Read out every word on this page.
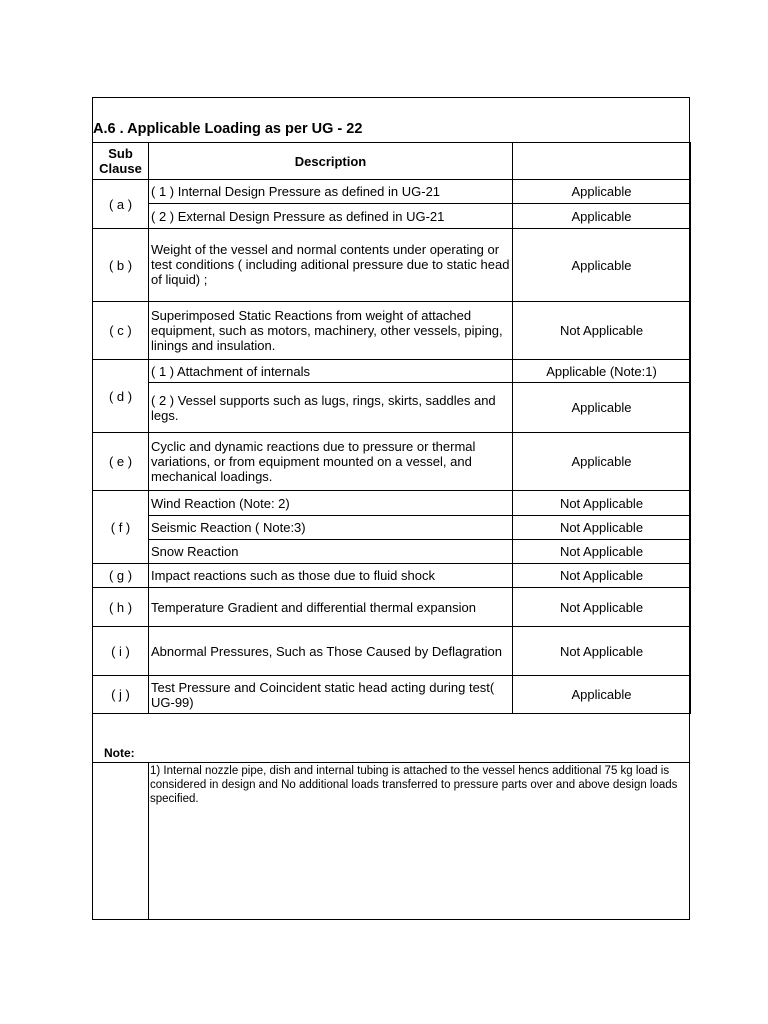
A.6 . Applicable Loading as per UG - 22
Sub Clause	Description	
( a )	( 1 ) Internal Design Pressure as defined in UG-21	Applicable
	( 2 ) External Design Pressure as defined in UG-21	Applicable
( b )	Weight of the vessel and normal contents under operating or test conditions ( including aditional pressure due to static head of liquid) ;	Applicable
( c )	Superimposed Static Reactions from weight of attached equipment, such as motors, machinery, other vessels, piping, linings and insulation.	Not Applicable
( d )	( 1 ) Attachment of internals	Applicable (Note:1)
	( 2 ) Vessel supports such as lugs, rings, skirts, saddles and legs.	Applicable
( e )	Cyclic and dynamic reactions due to pressure or thermal variations, or from equipment mounted on a vessel, and mechanical loadings.	Applicable
( f )	Wind Reaction (Note: 2)	Not Applicable
	Seismic Reaction ( Note:3)	Not Applicable
	Snow Reaction	Not Applicable
( g )	Impact reactions such as those due to fluid shock	Not Applicable
( h )	Temperature Gradient and differential thermal expansion	Not Applicable
( i )	Abnormal Pressures, Such as Those Caused by Deflagration	Not Applicable
( j )	Test Pressure and Coincident static head acting during test( UG-99)	Applicable
Note:
1) Internal nozzle pipe, dish and internal tubing is attached to the vessel hencs additional 75 kg load is considered in design and No additional loads transferred to pressure parts over and above design loads specified.
